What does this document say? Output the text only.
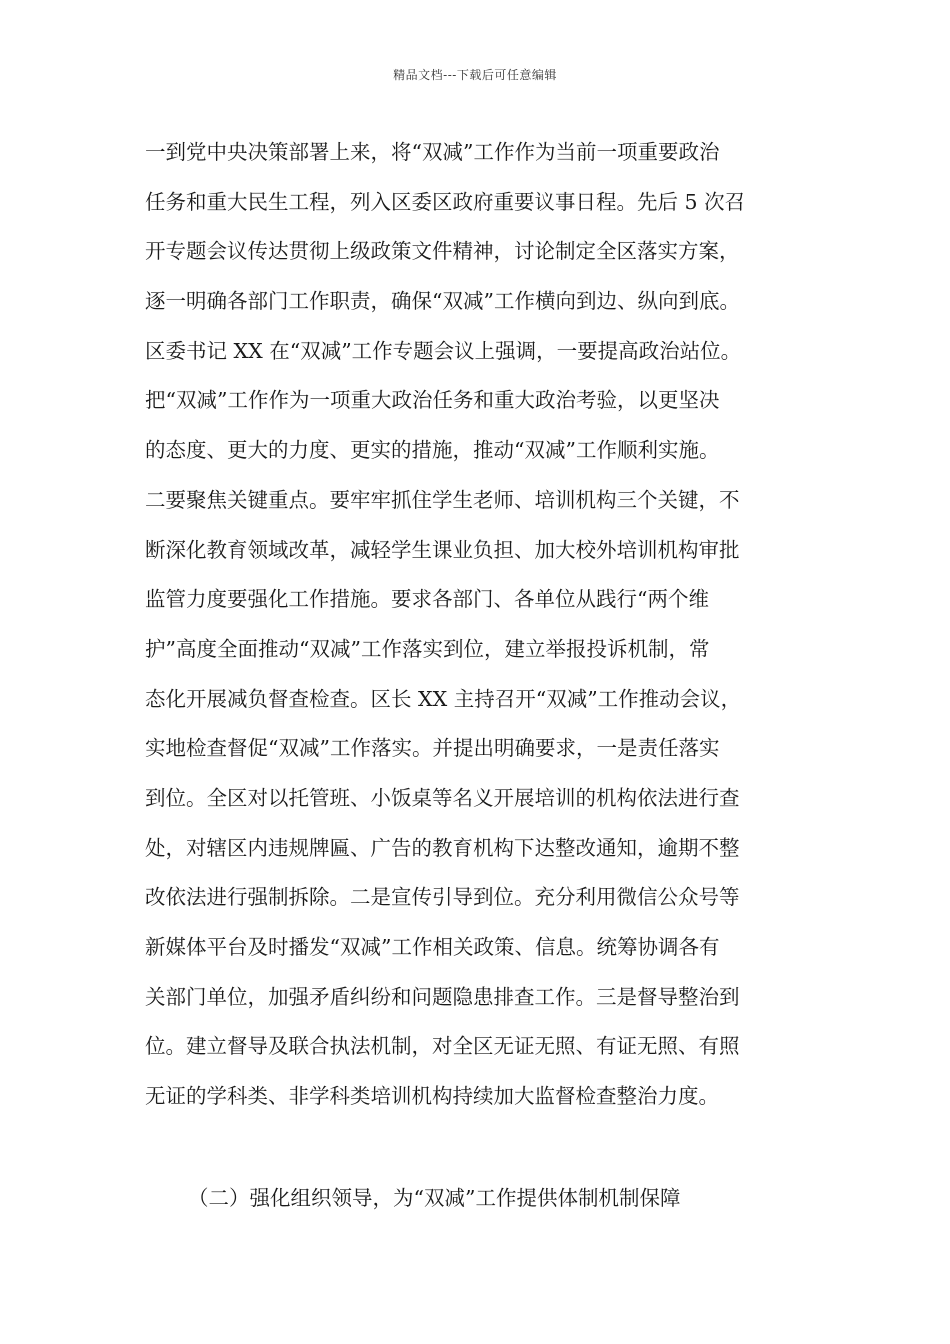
精品文档---下载后可任意编辑
一到党中央决策部署上来，将“双减”工作作为当前一项重要政治
任务和重大民生工程，列入区委区政府重要议事日程。先后 5 次召
开专题会议传达贯彻上级政策文件精神，讨论制定全区落实方案，
逐一明确各部门工作职责，确保“双减”工作横向到边、纵向到底。
区委书记 XX 在“双减”工作专题会议上强调，一要提高政治站位。
把“双减”工作作为一项重大政治任务和重大政治考验，以更坚决
的态度、更大的力度、更实的措施，推动“双减”工作顺利实施。
二要聚焦关键重点。要牢牢抓住学生老师、培训机构三个关键，不
断深化教育领域改革，减轻学生课业负担、加大校外培训机构审批
监管力度要强化工作措施。要求各部门、各单位从践行“两个维
护”高度全面推动“双减”工作落实到位，建立举报投诉机制，常
态化开展减负督查检查。区长 XX 主持召开“双减”工作推动会议，
实地检查督促“双减”工作落实。并提出明确要求，一是责任落实
到位。全区对以托管班、小饭桌等名义开展培训的机构依法进行查
处，对辖区内违规牌匾、广告的教育机构下达整改通知，逾期不整
改依法进行强制拆除。二是宣传引导到位。充分利用微信公众号等
新媒体平台及时播发“双减”工作相关政策、信息。统筹协调各有
关部门单位，加强矛盾纠纷和问题隐患排查工作。三是督导整治到
位。建立督导及联合执法机制，对全区无证无照、有证无照、有照
无证的学科类、非学科类培训机构持续加大监督检查整治力度。
（二）强化组织领导，为“双减”工作提供体制机制保障
